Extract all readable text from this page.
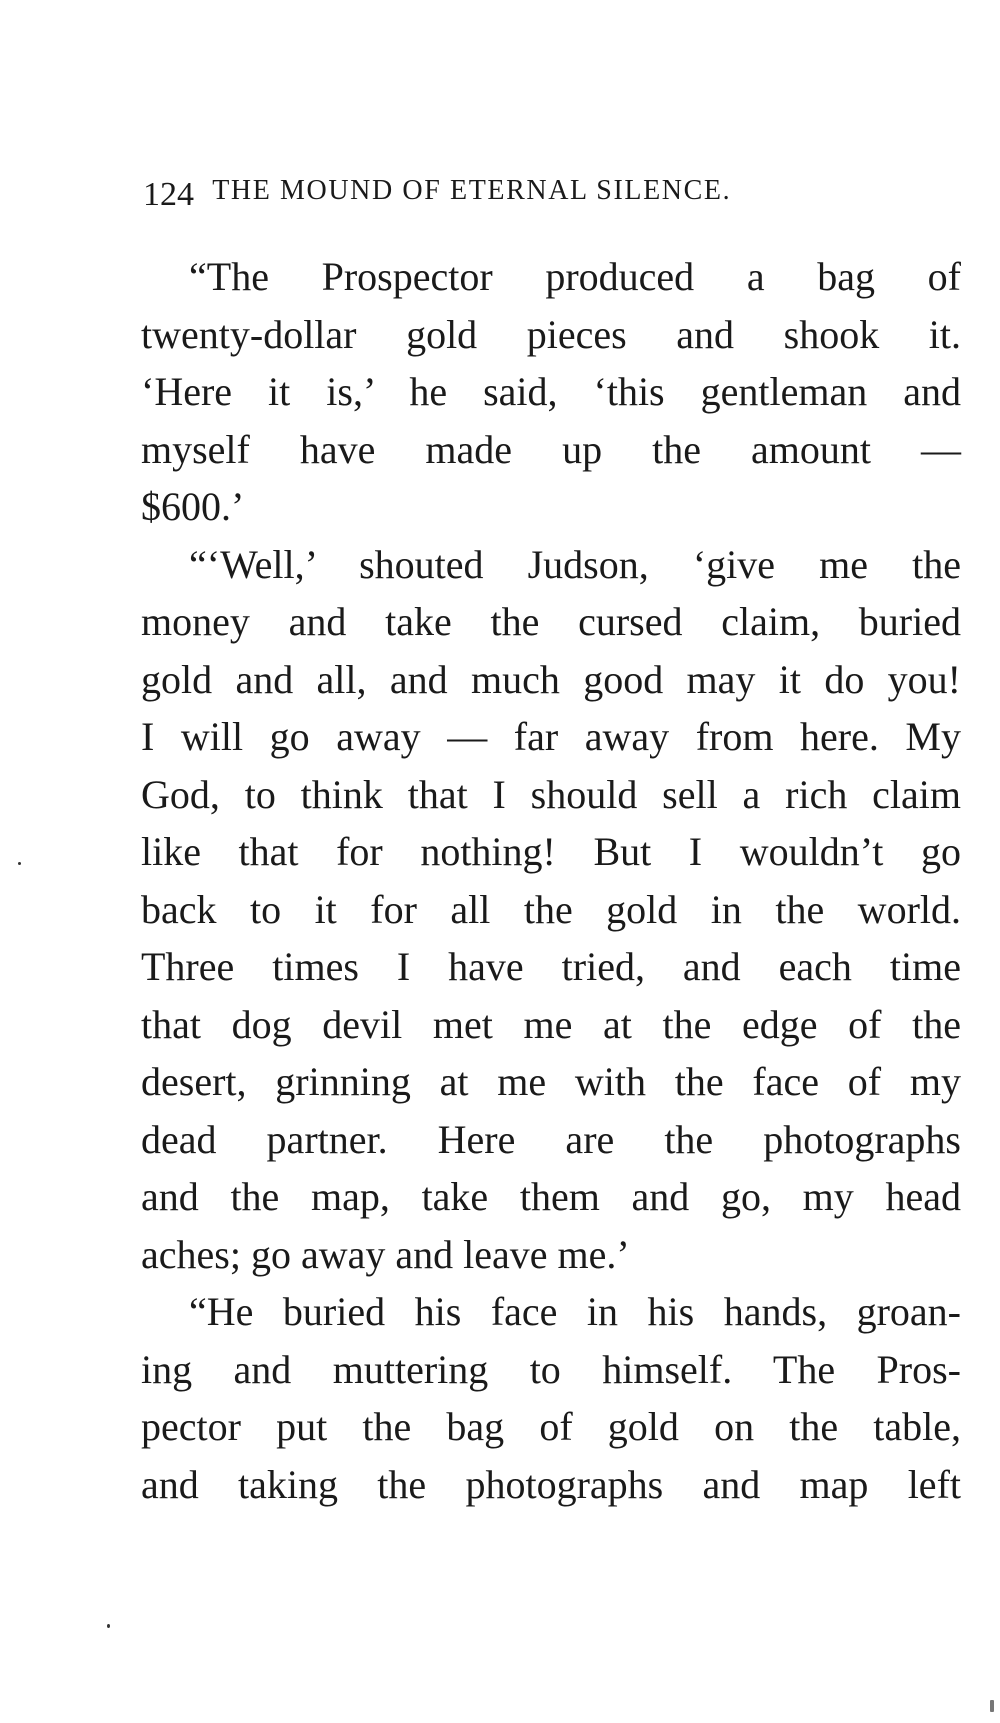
124 THE MOUND OF ETERNAL SILENCE.
“The Prospector produced a bag of
twenty-dollar gold pieces and shook it.
‘Here it is,’ he said, ‘this gentleman and
myself have made up the amount —
$600.’
“‘Well,’ shouted Judson, ‘give me the
money and take the cursed claim, buried
gold and all, and much good may it do you!
I will go away — far away from here. My
God, to think that I should sell a rich claim
like that for nothing! But I wouldn’t go
back to it for all the gold in the world.
Three times I have tried, and each time
that dog devil met me at the edge of the
desert, grinning at me with the face of my
dead partner. Here are the photographs
and the map, take them and go, my head
aches; go away and leave me.’
“He buried his face in his hands, groan-
ing and muttering to himself. The Pros-
pector put the bag of gold on the table,
and taking the photographs and map left
